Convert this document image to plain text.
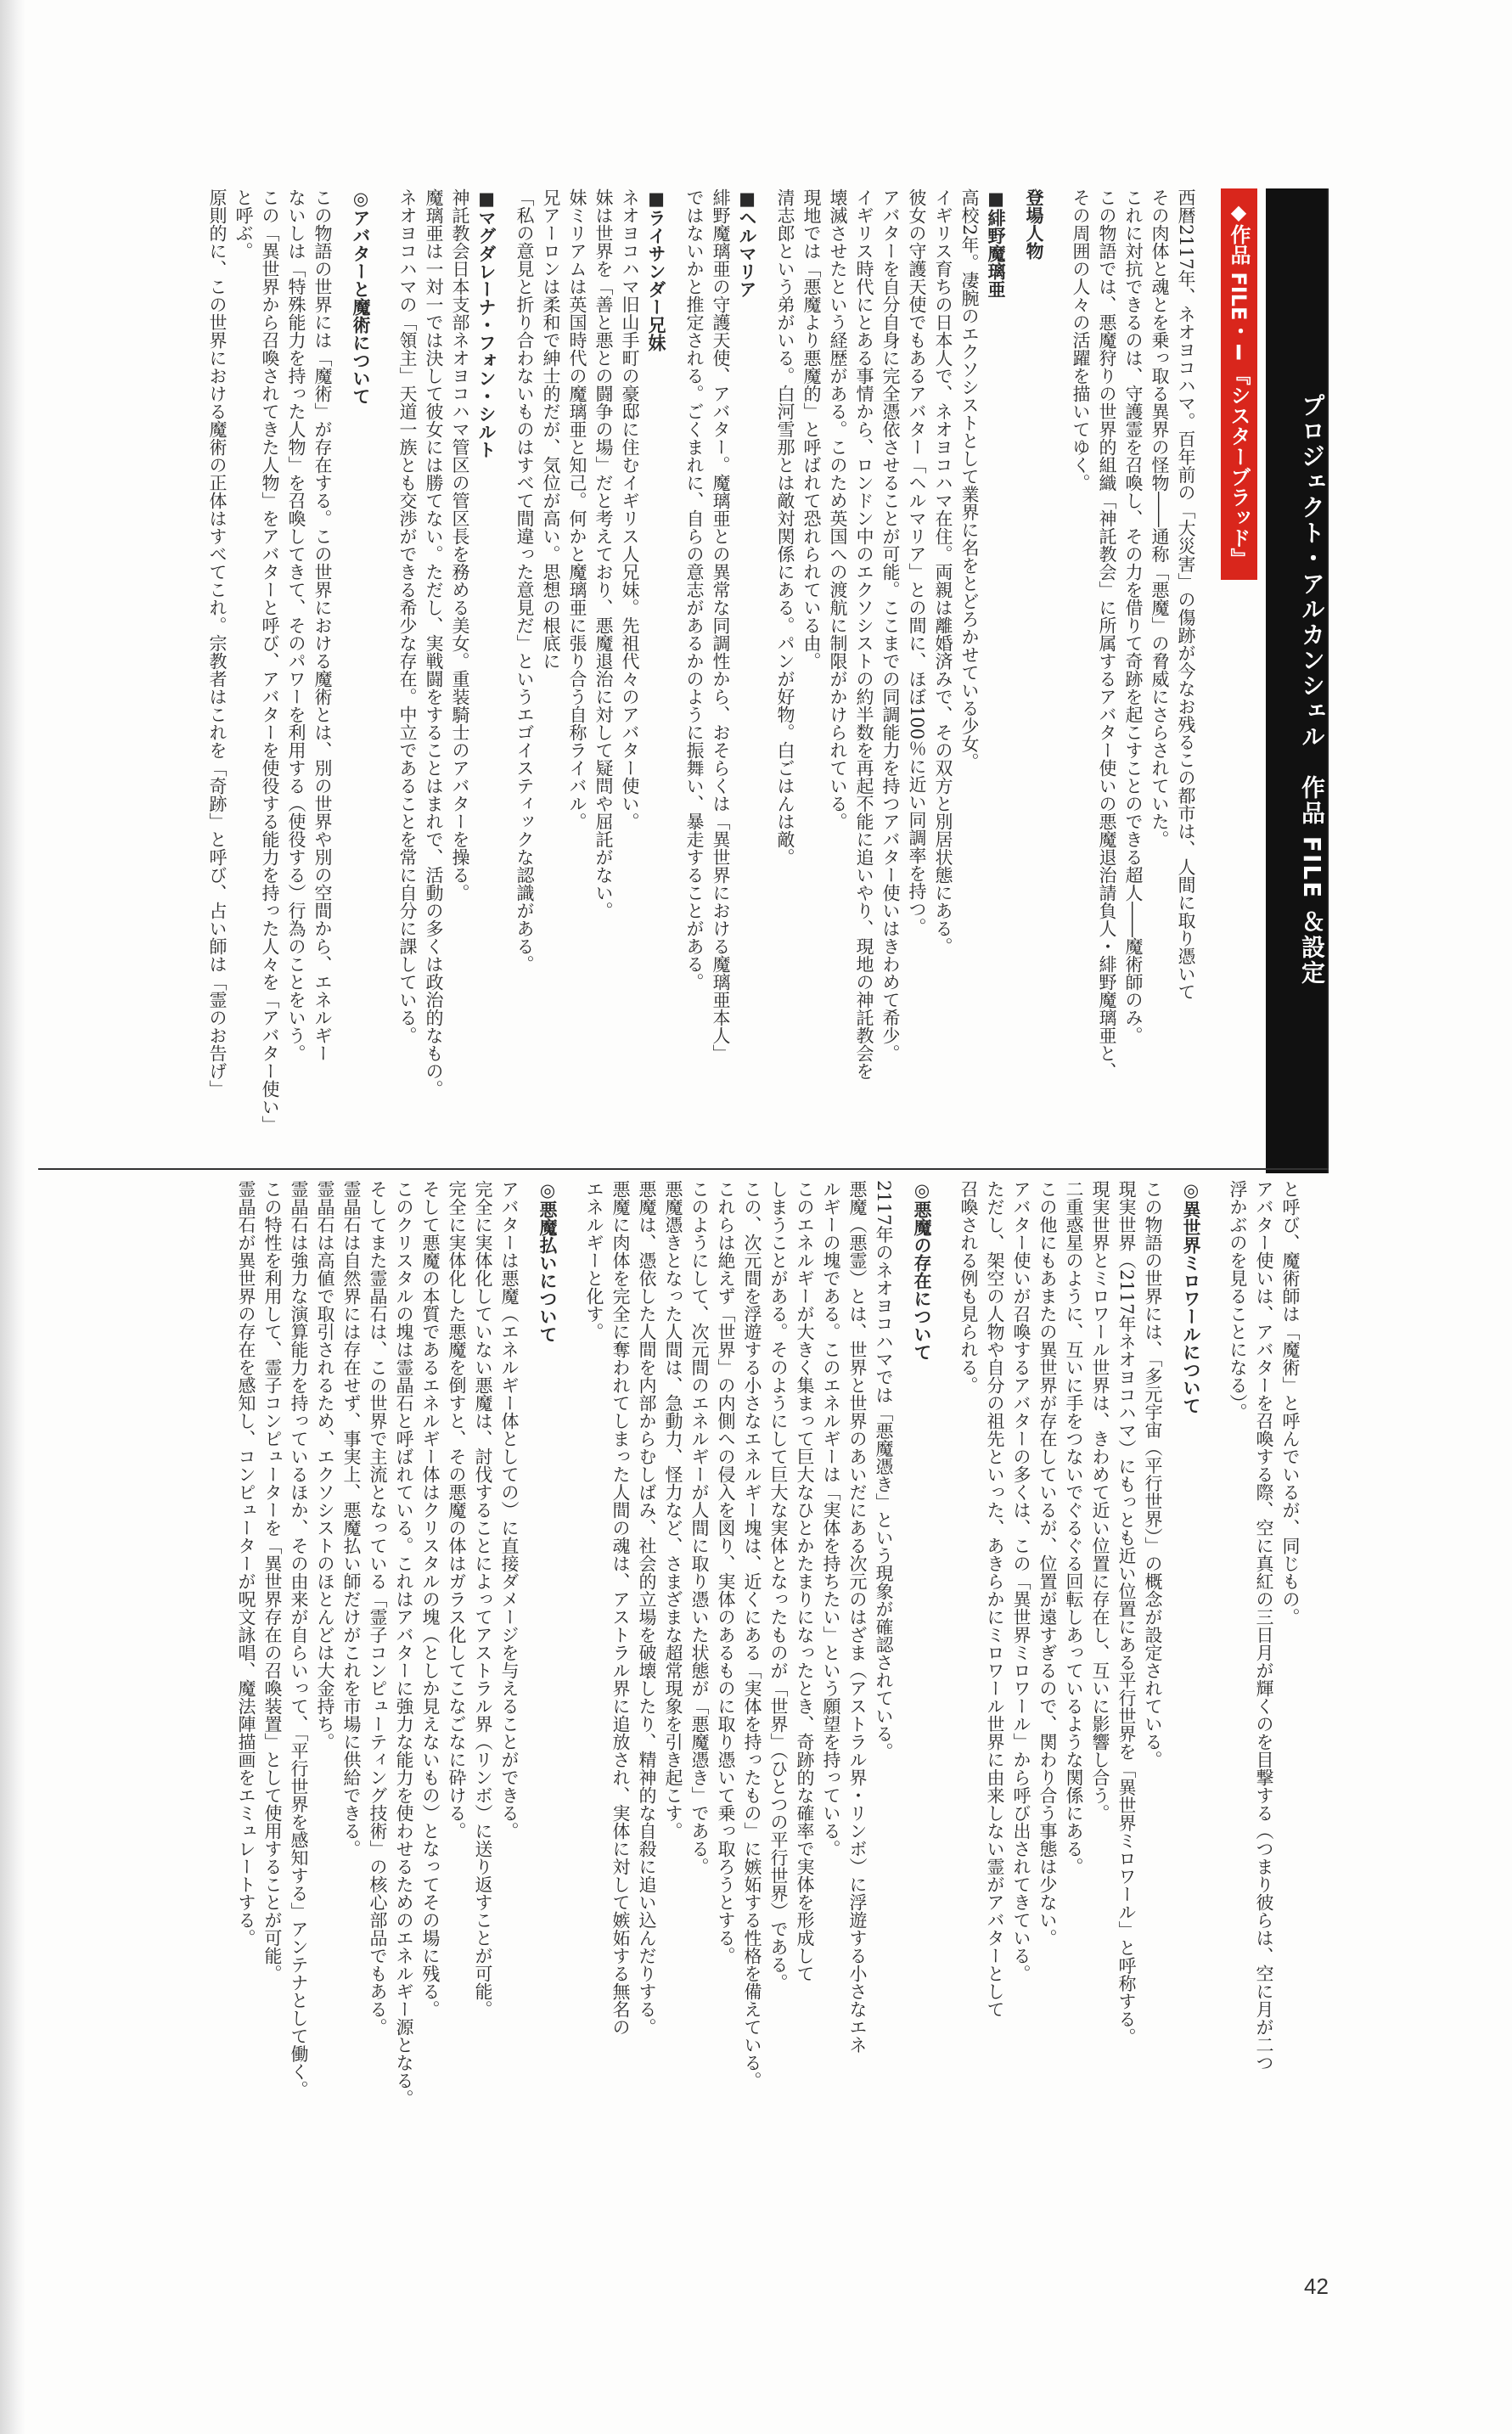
プロジェクト・アルカンシェル　作品 FILE ＆設定
◆作品 FILE・Ⅰ『シスターブラッド』

西暦2117年、ネオヨコハマ。百年前の「大災害」の傷跡が今なお残るこの都市は、人間に取り憑いて

その肉体と魂とを乗っ取る異界の怪物――通称「悪魔」の脅威にさらされていた。

これに対抗できるのは、守護霊を召喚し、その力を借りて奇跡を起こすことのできる超人――魔術師のみ。

この物語では、悪魔狩りの世界的組織「神託教会」に所属するアバター使いの悪魔退治請負人・緋野魔璃亜と、

その周囲の人々の活躍を描いてゆく。

登場人物

■緋野魔璃亜

高校2年。凄腕のエクソシストとして業界に名をとどろかせている少女。

イギリス育ちの日本人で、ネオヨコハマ在住。両親は離婚済みで、その双方と別居状態にある。

彼女の守護天使でもあるアバター「ヘルマリア」との間に、ほぼ100％に近い同調率を持つ。

アバターを自分自身に完全憑依させることが可能。ここまでの同調能力を持つアバター使いはきわめて希少。

イギリス時代にとある事情から、ロンドン中のエクソシストの約半数を再起不能に追いやり、現地の神託教会を

壊滅させたという経歴がある。このため英国への渡航に制限がかけられている。

現地では「悪魔より悪魔的」と呼ばれて恐れられている由。

清志郎という弟がいる。白河雪那とは敵対関係にある。パンが好物。白ごはんは敵。

■ヘルマリア

緋野魔璃亜の守護天使、アバター。魔璃亜との異常な同調性から、おそらくは「異世界における魔璃亜本人」

ではないかと推定される。ごくまれに、自らの意志があるかのように振舞い、暴走することがある。

■ライサンダー兄妹

ネオヨコハマ旧山手町の豪邸に住むイギリス人兄妹。先祖代々のアバター使い。

妹は世界を「善と悪との闘争の場」だと考えており、悪魔退治に対して疑問や屈託がない。

妹ミリアムは英国時代の魔璃亜と知己。何かと魔璃亜に張り合う自称ライバル。

兄アーロンは柔和で紳士的だが、気位が高い。思想の根底に

「私の意見と折り合わないものはすべて間違った意見だ」というエゴイスティックな認識がある。

■マグダレーナ・フォン・シルト

神託教会日本支部ネオヨコハマ管区の管区長を務める美女。重装騎士のアバターを操る。

魔璃亜は一対一では決して彼女には勝てない。ただし、実戦闘をすることはまれで、活動の多くは政治的なもの。

ネオヨコハマの「領主」天道一族とも交渉ができる希少な存在。中立であることを常に自分に課している。

◎アバターと魔術について

この物語の世界には「魔術」が存在する。この世界における魔術とは、別の世界や別の空間から、エネルギー

ないしは「特殊能力を持った人物」を召喚してきて、そのパワーを利用する（使役する）行為のことをいう。

この「異世界から召喚されてきた人物」をアバターと呼び、アバターを使役する能力を持った人々を「アバター使い」

と呼ぶ。

原則的に、この世界における魔術の正体はすべてこれ。宗教者はこれを「奇跡」と呼び、占い師は「霊のお告げ」

と呼び、魔術師は「魔術」と呼んでいるが、同じもの。

アバター使いは、アバターを召喚する際、空に真紅の三日月が輝くのを目撃する（つまり彼らは、空に月が二つ

浮かぶのを見ることになる）。

◎異世界ミロワールについて

この物語の世界には、「多元宇宙（平行世界）」の概念が設定されている。

現実世界（2117年ネオヨコハマ）にもっとも近い位置にある平行世界を「異世界ミロワール」と呼称する。

現実世界とミロワール世界は、きわめて近い位置に存在し、互いに影響し合う。

二重惑星のように、互いに手をつないでぐるぐる回転しあっているような関係にある。

この他にもあまたの異世界が存在しているが、位置が遠すぎるので、関わり合う事態は少ない。

アバター使いが召喚するアバターの多くは、この「異世界ミロワール」から呼び出されてきている。

ただし、架空の人物や自分の祖先といった、あきらかにミロワール世界に由来しない霊がアバターとして

召喚される例も見られる。

◎悪魔の存在について

2117年のネオヨコハマでは「悪魔憑き」という現象が確認されている。

悪魔（悪霊）とは、世界と世界のあいだにある次元のはざま（アストラル界・リンボ）に浮遊する小さなエネ

ルギーの塊である。このエネルギーは「実体を持ちたい」という願望を持っている。

このエネルギーが大きく集まって巨大なひとかたまりになったとき、奇跡的な確率で実体を形成して

しまうことがある。そのようにして巨大な実体となったものが「世界」（ひとつの平行世界）である。

この、次元間を浮遊する小さなエネルギー塊は、近くにある「実体を持ったもの」に嫉妬する性格を備えている。

これらは絶えず「世界」の内側への侵入を図り、実体のあるものに取り憑いて乗っ取ろうとする。

このようにして、次元間のエネルギーが人間に取り憑いた状態が「悪魔憑き」である。

悪魔憑きとなった人間は、急動力、怪力など、さまざまな超常現象を引き起こす。

悪魔は、憑依した人間を内部からむしばみ、社会的立場を破壊したり、精神的な自殺に追い込んだりする。

悪魔に肉体を完全に奪われてしまった人間の魂は、アストラル界に追放され、実体に対して嫉妬する無名の

エネルギーと化す。

◎悪魔払いについて

アバターは悪魔（エネルギー体としての）に直接ダメージを与えることができる。

完全に実体化していない悪魔は、討伐することによってアストラル界（リンボ）に送り返すことが可能。

完全に実体化した悪魔を倒すと、その悪魔の体はガラス化してこなごなに砕ける。

そして悪魔の本質であるエネルギー体はクリスタルの塊（としか見えないもの）となってその場に残る。

このクリスタルの塊は霊晶石と呼ばれている。これはアバターに強力な能力を使わせるためのエネルギー源となる。

そしてまた霊晶石は、この世界で主流となっている「霊子コンピューティング技術」の核心部品でもある。

霊晶石は自然界には存在せず、事実上、悪魔払い師だけがこれを市場に供給できる。

霊晶石は高値で取引されるため、エクソシストのほとんどは大金持ち。

霊晶石は強力な演算能力を持っているほか、その由来が自らいって、「平行世界を感知する」アンテナとして働く。

この特性を利用して、霊子コンピューターを「異世界存在の召喚装置」として使用することが可能。

霊晶石が異世界の存在を感知し、コンピューターが呪文詠唱、魔法陣描画をエミュレートする。

42
